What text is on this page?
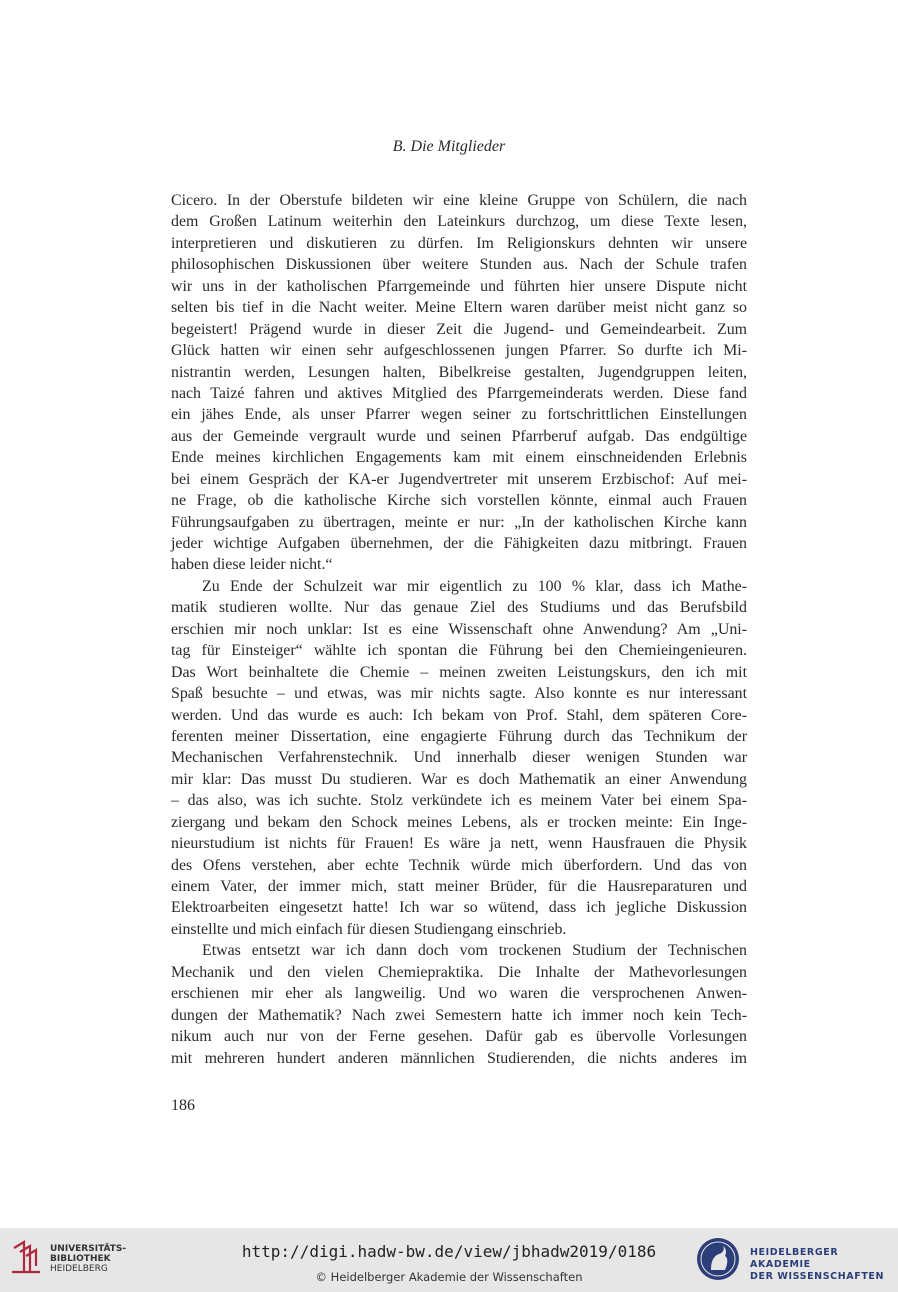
B. Die Mitglieder
Cicero. In der Oberstufe bildeten wir eine kleine Gruppe von Schülern, die nach
dem Großen Latinum weiterhin den Lateinkurs durchzog, um diese Texte lesen,
interpretieren und diskutieren zu dürfen. Im Religionskurs dehnten wir unsere
philosophischen Diskussionen über weitere Stunden aus. Nach der Schule trafen
wir uns in der katholischen Pfarrgemeinde und führten hier unsere Dispute nicht
selten bis tief in die Nacht weiter. Meine Eltern waren darüber meist nicht ganz so
begeistert! Prägend wurde in dieser Zeit die Jugend- und Gemeindearbeit. Zum
Glück hatten wir einen sehr aufgeschlossenen jungen Pfarrer. So durfte ich Mi-
nistrantin werden, Lesungen halten, Bibelkreise gestalten, Jugendgruppen leiten,
nach Taizé fahren und aktives Mitglied des Pfarrgemeinderats werden. Diese fand
ein jähes Ende, als unser Pfarrer wegen seiner zu fortschrittlichen Einstellungen
aus der Gemeinde vergrault wurde und seinen Pfarrberuf aufgab. Das endgültige
Ende meines kirchlichen Engagements kam mit einem einschneidenden Erlebnis
bei einem Gespräch der KA-er Jugendvertreter mit unserem Erzbischof: Auf mei-
ne Frage, ob die katholische Kirche sich vorstellen könnte, einmal auch Frauen
Führungsaufgaben zu übertragen, meinte er nur: „In der katholischen Kirche kann
jeder wichtige Aufgaben übernehmen, der die Fähigkeiten dazu mitbringt. Frauen
haben diese leider nicht.“
Zu Ende der Schulzeit war mir eigentlich zu 100 % klar, dass ich Mathe-
matik studieren wollte. Nur das genaue Ziel des Studiums und das Berufsbild
erschien mir noch unklar: Ist es eine Wissenschaft ohne Anwendung? Am „Uni-
tag für Einsteiger“ wählte ich spontan die Führung bei den Chemieingenieuren.
Das Wort beinhaltete die Chemie – meinen zweiten Leistungskurs, den ich mit
Spaß besuchte – und etwas, was mir nichts sagte. Also konnte es nur interessant
werden. Und das wurde es auch: Ich bekam von Prof. Stahl, dem späteren Core-
ferenten meiner Dissertation, eine engagierte Führung durch das Technikum der
Mechanischen Verfahrenstechnik. Und innerhalb dieser wenigen Stunden war
mir klar: Das musst Du studieren. War es doch Mathematik an einer Anwendung
– das also, was ich suchte. Stolz verkündete ich es meinem Vater bei einem Spa-
ziergang und bekam den Schock meines Lebens, als er trocken meinte: Ein Inge-
nieurstudium ist nichts für Frauen! Es wäre ja nett, wenn Hausfrauen die Physik
des Ofens verstehen, aber echte Technik würde mich überfordern. Und das von
einem Vater, der immer mich, statt meiner Brüder, für die Hausreparaturen und
Elektroarbeiten eingesetzt hatte! Ich war so wütend, dass ich jegliche Diskussion
einstellte und mich einfach für diesen Studiengang einschrieb.
Etwas entsetzt war ich dann doch vom trockenen Studium der Technischen
Mechanik und den vielen Chemiepraktika. Die Inhalte der Mathevorlesungen
erschienen mir eher als langweilig. Und wo waren die versprochenen Anwen-
dungen der Mathematik? Nach zwei Semestern hatte ich immer noch kein Tech-
nikum auch nur von der Ferne gesehen. Dafür gab es übervolle Vorlesungen
mit mehreren hundert anderen männlichen Studierenden, die nichts anderes im
186
UNIVERSITÄTS-
BIBLIOTHEK
HEIDELBERG
http://digi.hadw-bw.de/view/jbhadw2019/0186
© Heidelberger Akademie der Wissenschaften
HEIDELBERGER AKADEMIE
DER WISSENSCHAFTEN
